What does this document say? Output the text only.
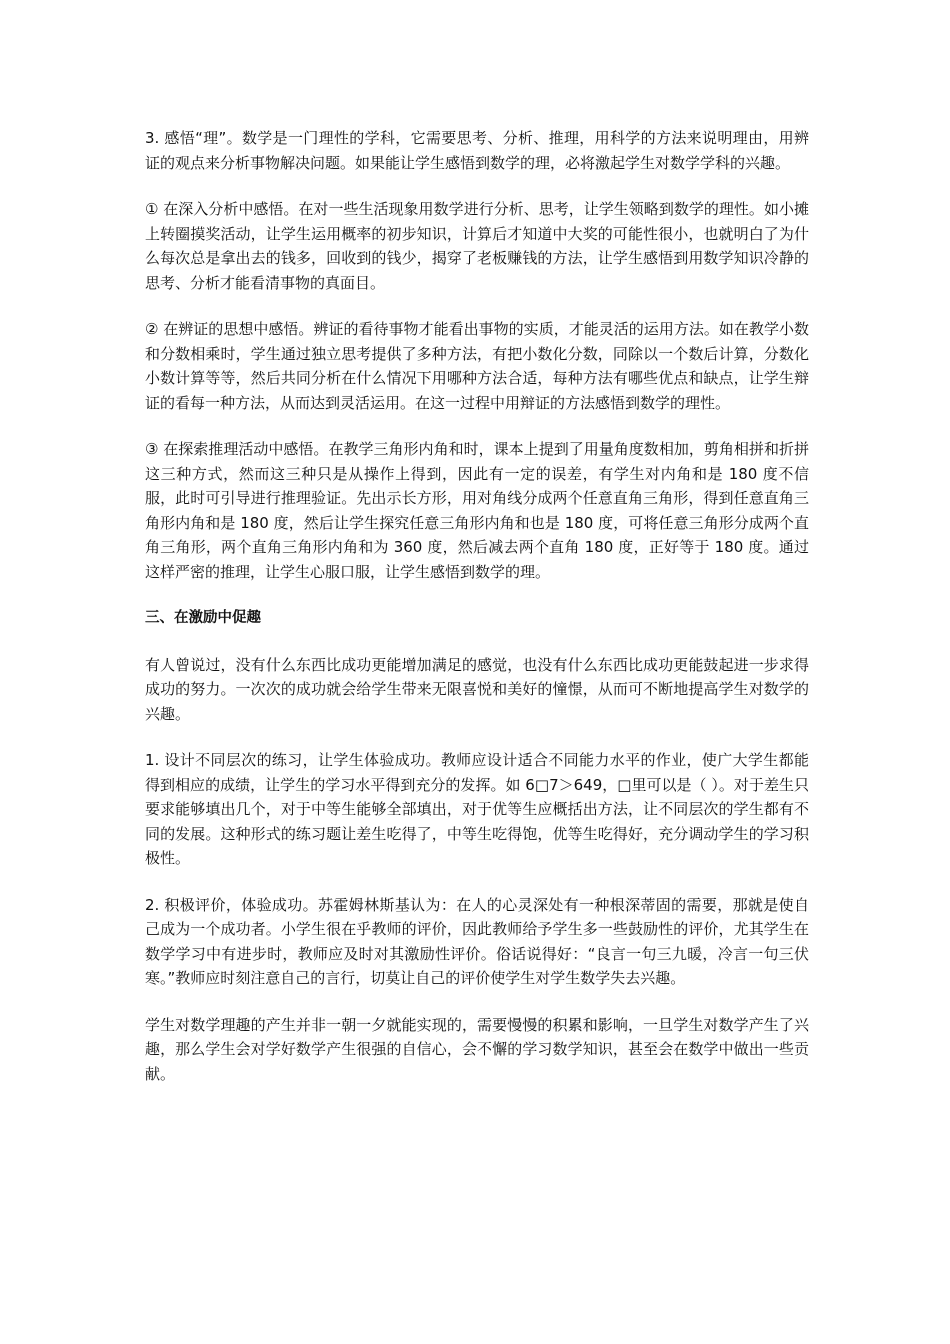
3. 感悟“理”。数学是一门理性的学科，它需要思考、分析、推理，用科学的方法来说明理由，用辨证的观点来分析事物解决问题。如果能让学生感悟到数学的理，必将激起学生对数学学科的兴趣。

① 在深入分析中感悟。在对一些生活现象用数学进行分析、思考，让学生领略到数学的理性。如小摊上转圈摸奖活动，让学生运用概率的初步知识，计算后才知道中大奖的可能性很小，也就明白了为什么每次总是拿出去的钱多，回收到的钱少，揭穿了老板赚钱的方法，让学生感悟到用数学知识冷静的思考、分析才能看清事物的真面目。

② 在辨证的思想中感悟。辨证的看待事物才能看出事物的实质，才能灵活的运用方法。如在教学小数和分数相乘时，学生通过独立思考提供了多种方法，有把小数化分数，同除以一个数后计算，分数化小数计算等等，然后共同分析在什么情况下用哪种方法合适，每种方法有哪些优点和缺点，让学生辩证的看每一种方法，从而达到灵活运用。在这一过程中用辩证的方法感悟到数学的理性。

③ 在探索推理活动中感悟。在教学三角形内角和时，课本上提到了用量角度数相加，剪角相拼和折拼这三种方式，然而这三种只是从操作上得到，因此有一定的误差，有学生对内角和是 180 度不信服，此时可引导进行推理验证。先出示长方形，用对角线分成两个任意直角三角形，得到任意直角三角形内角和是 180 度，然后让学生探究任意三角形内角和也是 180 度，可将任意三角形分成两个直角三角形，两个直角三角形内角和为 360 度，然后减去两个直角 180 度，正好等于 180 度。通过这样严密的推理，让学生心服口服，让学生感悟到数学的理。

三、在激励中促趣

有人曾说过，没有什么东西比成功更能增加满足的感觉，也没有什么东西比成功更能鼓起进一步求得成功的努力。一次次的成功就会给学生带来无限喜悦和美好的憧憬，从而可不断地提高学生对数学的兴趣。

1. 设计不同层次的练习，让学生体验成功。教师应设计适合不同能力水平的作业，使广大学生都能得到相应的成绩，让学生的学习水平得到充分的发挥。如 6□7＞649，□里可以是（ ）。对于差生只要求能够填出几个，对于中等生能够全部填出，对于优等生应概括出方法，让不同层次的学生都有不同的发展。这种形式的练习题让差生吃得了，中等生吃得饱，优等生吃得好，充分调动学生的学习积极性。

2. 积极评价，体验成功。苏霍姆林斯基认为：在人的心灵深处有一种根深蒂固的需要，那就是使自己成为一个成功者。小学生很在乎教师的评价，因此教师给予学生多一些鼓励性的评价，尤其学生在数学学习中有进步时，教师应及时对其激励性评价。俗话说得好：“良言一句三九暖，冷言一句三伏寒。”教师应时刻注意自己的言行，切莫让自己的评价使学生对学生数学失去兴趣。

学生对数学理趣的产生并非一朝一夕就能实现的，需要慢慢的积累和影响，一旦学生对数学产生了兴趣，那么学生会对学好数学产生很强的自信心，会不懈的学习数学知识，甚至会在数学中做出一些贡献。
